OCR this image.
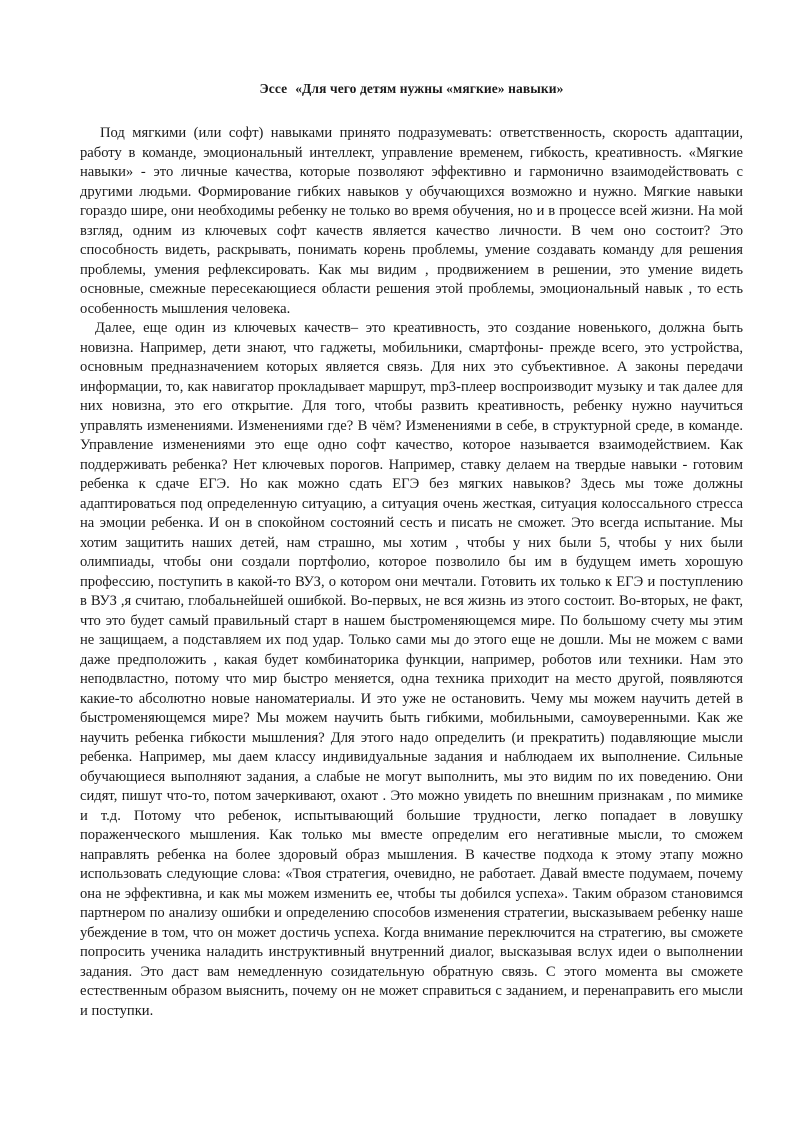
Эссе «Для чего детям нужны «мягкие» навыки»

Под мягкими (или софт) навыками принято подразумевать: ответственность, скорость адаптации, работу в команде, эмоциональный интеллект, управление временем, гибкость, креативность. «Мягкие навыки» - это личные качества, которые позволяют эффективно и гармонично взаимодействовать с другими людьми. Формирование гибких навыков у обучающихся возможно и нужно. Мягкие навыки гораздо шире, они необходимы ребенку не только во время обучения, но и в процессе всей жизни. На мой взгляд, одним из ключевых софт качеств является качество личности. В чем оно состоит? Это способность видеть, раскрывать, понимать корень проблемы, умение создавать команду для решения проблемы, умения рефлексировать. Как мы видим , продвижением в решении, это умение видеть основные, смежные пересекающиеся области решения этой проблемы, эмоциональный навык , то есть особенность мышления человека.

Далее, еще один из ключевых качеств– это креативность, это создание новенького, должна быть новизна. Например, дети знают, что гаджеты, мобильники, смартфоны- прежде всего, это устройства, основным предназначением которых является связь. Для них это субъективное. А законы передачи информации, то, как навигатор прокладывает маршрут, mp3-плеер воспроизводит музыку и так далее для них новизна, это его открытие. Для того, чтобы развить креативность, ребенку нужно научиться управлять изменениями. Изменениями где? В чём? Изменениями в себе, в структурной среде, в команде. Управление изменениями это еще одно софт качество, которое называется взаимодействием. Как поддерживать ребенка? Нет ключевых порогов. Например, ставку делаем на твердые навыки - готовим ребенка к сдаче ЕГЭ. Но как можно сдать ЕГЭ без мягких навыков? Здесь мы тоже должны адаптироваться под определенную ситуацию, а ситуация очень жесткая, ситуация колоссального стресса на эмоции ребенка. И он в спокойном состояний сесть и писать не сможет. Это всегда испытание. Мы хотим защитить наших детей, нам страшно, мы хотим , чтобы у них были 5, чтобы у них были олимпиады, чтобы они создали портфолио, которое позволило бы им в будущем иметь хорошую профессию, поступить в какой-то ВУЗ, о котором они мечтали. Готовить их только к ЕГЭ и поступлению в ВУЗ ,я считаю, глобальнейшей ошибкой. Во-первых, не вся жизнь из этого состоит. Во-вторых, не факт, что это будет самый правильный старт в нашем быстроменяющемся мире. По большому счету мы этим не защищаем, а подставляем их под удар. Только сами мы до этого еще не дошли. Мы не можем с вами даже предположить , какая будет комбинаторика функции, например, роботов или техники. Нам это неподвластно, потому что мир быстро меняется, одна техника приходит на место другой, появляются какие-то абсолютно новые наноматериалы. И это уже не остановить. Чему мы можем научить детей в быстроменяющемся мире? Мы можем научить быть гибкими, мобильными, самоуверенными. Как же научить ребенка гибкости мышления? Для этого надо определить (и прекратить) подавляющие мысли ребенка. Например, мы даем классу индивидуальные задания и наблюдаем их выполнение. Сильные обучающиеся выполняют задания, а слабые не могут выполнить, мы это видим по их поведению. Они сидят, пишут что-то, потом зачеркивают, охают . Это можно увидеть по внешним признакам , по мимике и т.д. Потому что ребенок, испытывающий большие трудности, легко попадает в ловушку пораженческого мышления. Как только мы вместе определим его негативные мысли, то сможем направлять ребенка на более здоровый образ мышления. В качестве подхода к этому этапу можно использовать следующие слова: «Твоя стратегия, очевидно, не работает. Давай вместе подумаем, почему она не эффективна, и как мы можем изменить ее, чтобы ты добился успеха». Таким образом становимся партнером по анализу ошибки и определению способов изменения стратегии, высказываем ребенку наше убеждение в том, что он может достичь успеха. Когда внимание переключится на стратегию, вы сможете попросить ученика наладить инструктивный внутренний диалог, высказывая вслух идеи о выполнении задания. Это даст вам немедленную созидательную обратную связь. С этого момента вы сможете естественным образом выяснить, почему он не может справиться с заданием, и перенаправить его мысли и поступки.
